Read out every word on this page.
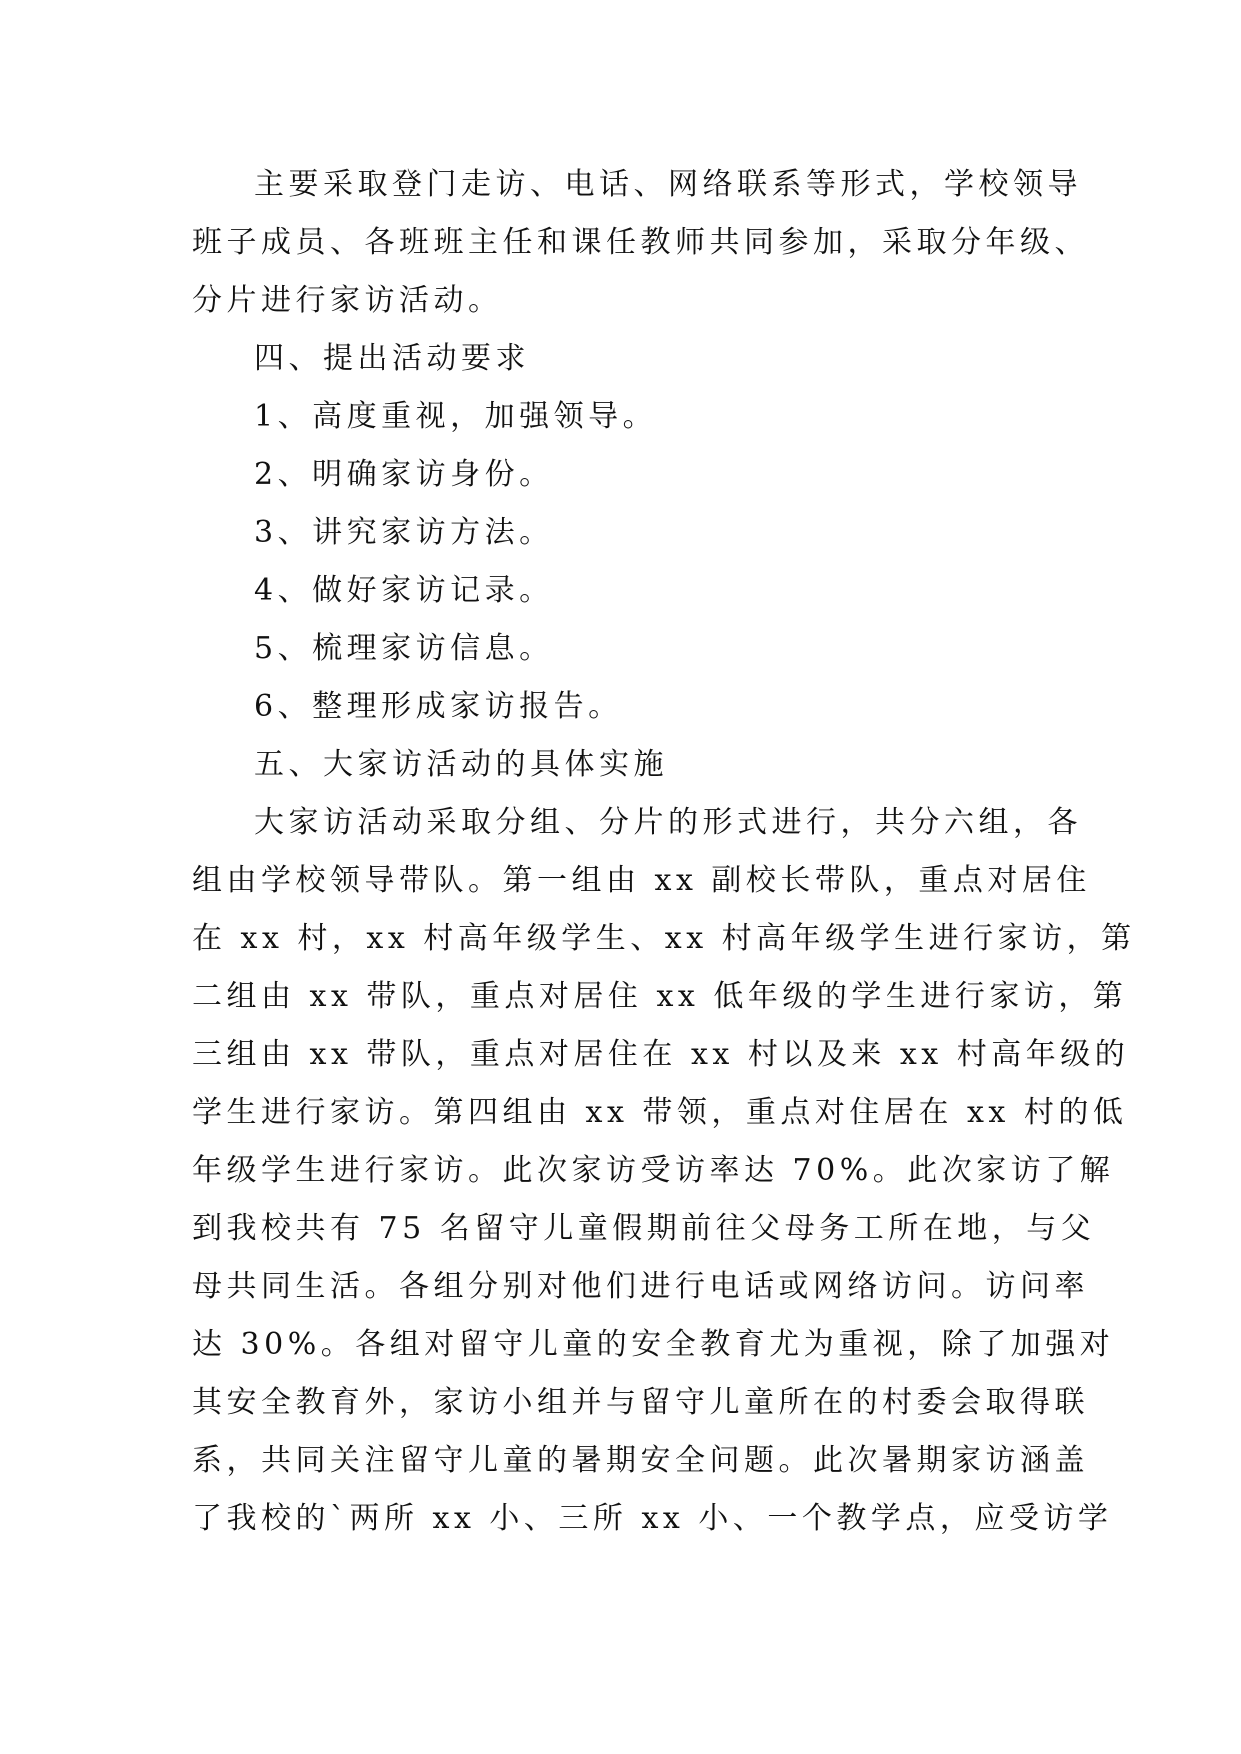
主要采取登门走访、电话、网络联系等形式，学校领导
班子成员、各班班主任和课任教师共同参加，采取分年级、
分片进行家访活动。
四、提出活动要求
1、高度重视，加强领导。
2、明确家访身份。
3、讲究家访方法。
4、做好家访记录。
5、梳理家访信息。
6、整理形成家访报告。
五、大家访活动的具体实施
大家访活动采取分组、分片的形式进行，共分六组，各
组由学校领导带队。第一组由 xx 副校长带队，重点对居住
在 xx 村，xx 村高年级学生、xx 村高年级学生进行家访，第
二组由 xx 带队，重点对居住 xx 低年级的学生进行家访，第
三组由 xx 带队，重点对居住在 xx 村以及来 xx 村高年级的
学生进行家访。第四组由 xx 带领，重点对住居在 xx 村的低
年级学生进行家访。此次家访受访率达 70%。此次家访了解
到我校共有 75 名留守儿童假期前往父母务工所在地，与父
母共同生活。各组分别对他们进行电话或网络访问。访问率
达 30%。各组对留守儿童的安全教育尤为重视，除了加强对
其安全教育外，家访小组并与留守儿童所在的村委会取得联
系，共同关注留守儿童的暑期安全问题。此次暑期家访涵盖
了我校的`两所 xx 小、三所 xx 小、一个教学点，应受访学
